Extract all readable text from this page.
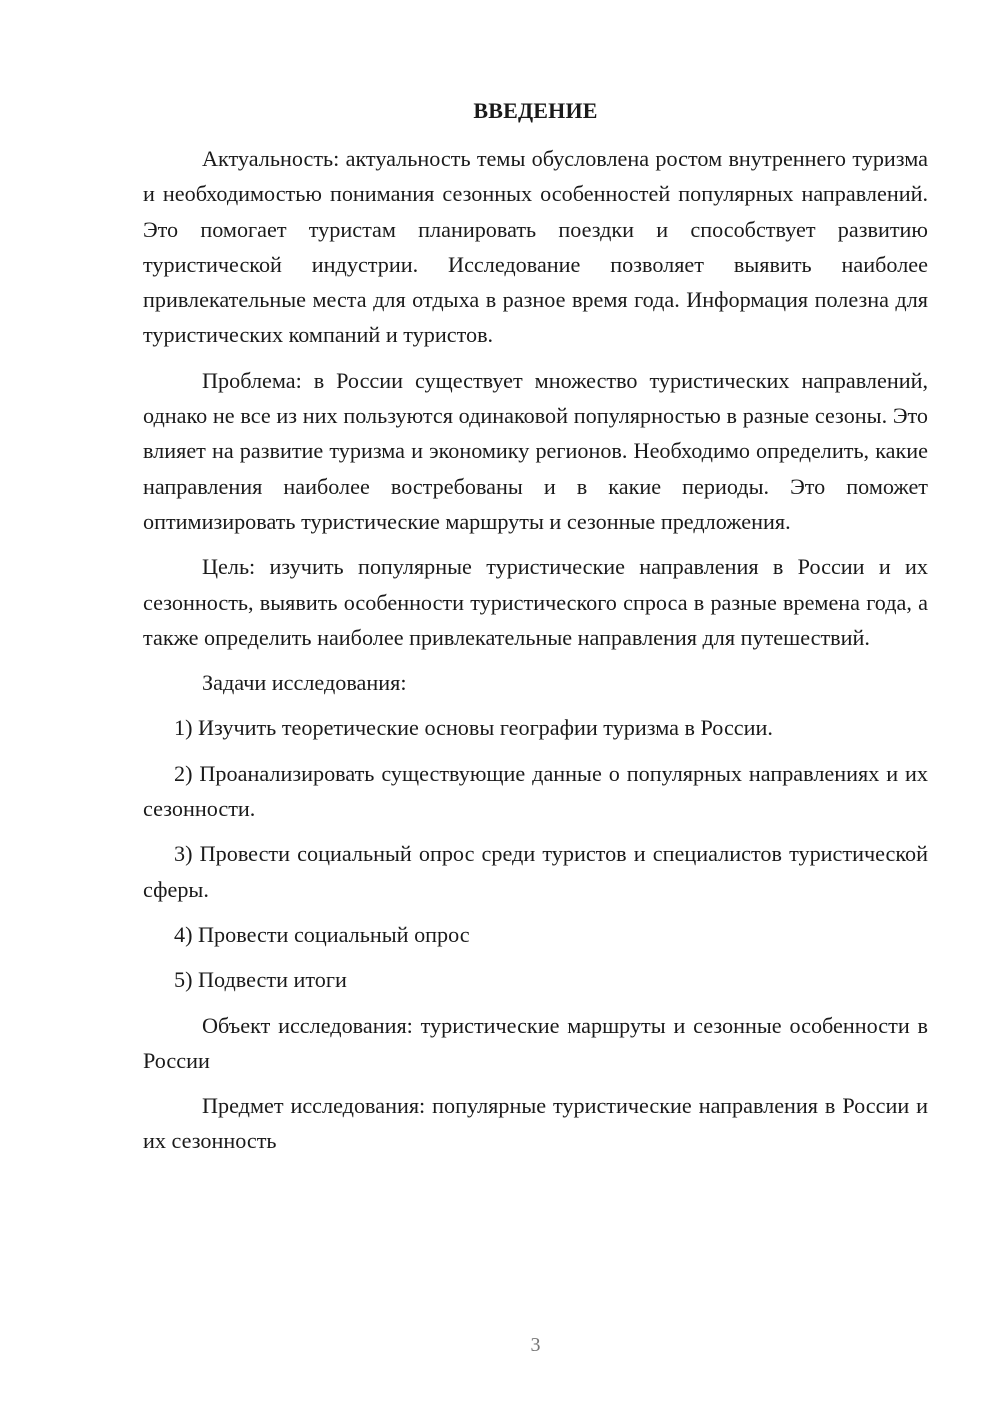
ВВЕДЕНИЕ

Актуальность: актуальность темы обусловлена ростом внутреннего туризма и необходимостью понимания сезонных особенностей популярных направлений. Это помогает туристам планировать поездки и способствует развитию туристической индустрии. Исследование позволяет выявить наиболее привлекательные места для отдыха в разное время года. Информация полезна для туристических компаний и туристов.

Проблема: в России существует множество туристических направлений, однако не все из них пользуются одинаковой популярностью в разные сезоны. Это влияет на развитие туризма и экономику регионов. Необходимо определить, какие направления наиболее востребованы и в какие периоды. Это поможет оптимизировать туристические маршруты и сезонные предложения.

Цель: изучить популярные туристические направления в России и их сезонность, выявить особенности туристического спроса в разные времена года, а также определить наиболее привлекательные направления для путешествий.

Задачи исследования:

1) Изучить теоретические основы географии туризма в России.

2) Проанализировать существующие данные о популярных направлениях и их сезонности.

3) Провести социальный опрос среди туристов и специалистов туристической сферы.

4) Провести социальный опрос

5) Подвести итоги

Объект исследования: туристические маршруты и сезонные особенности в России

Предмет исследования: популярные туристические направления в России и их сезонность

3
